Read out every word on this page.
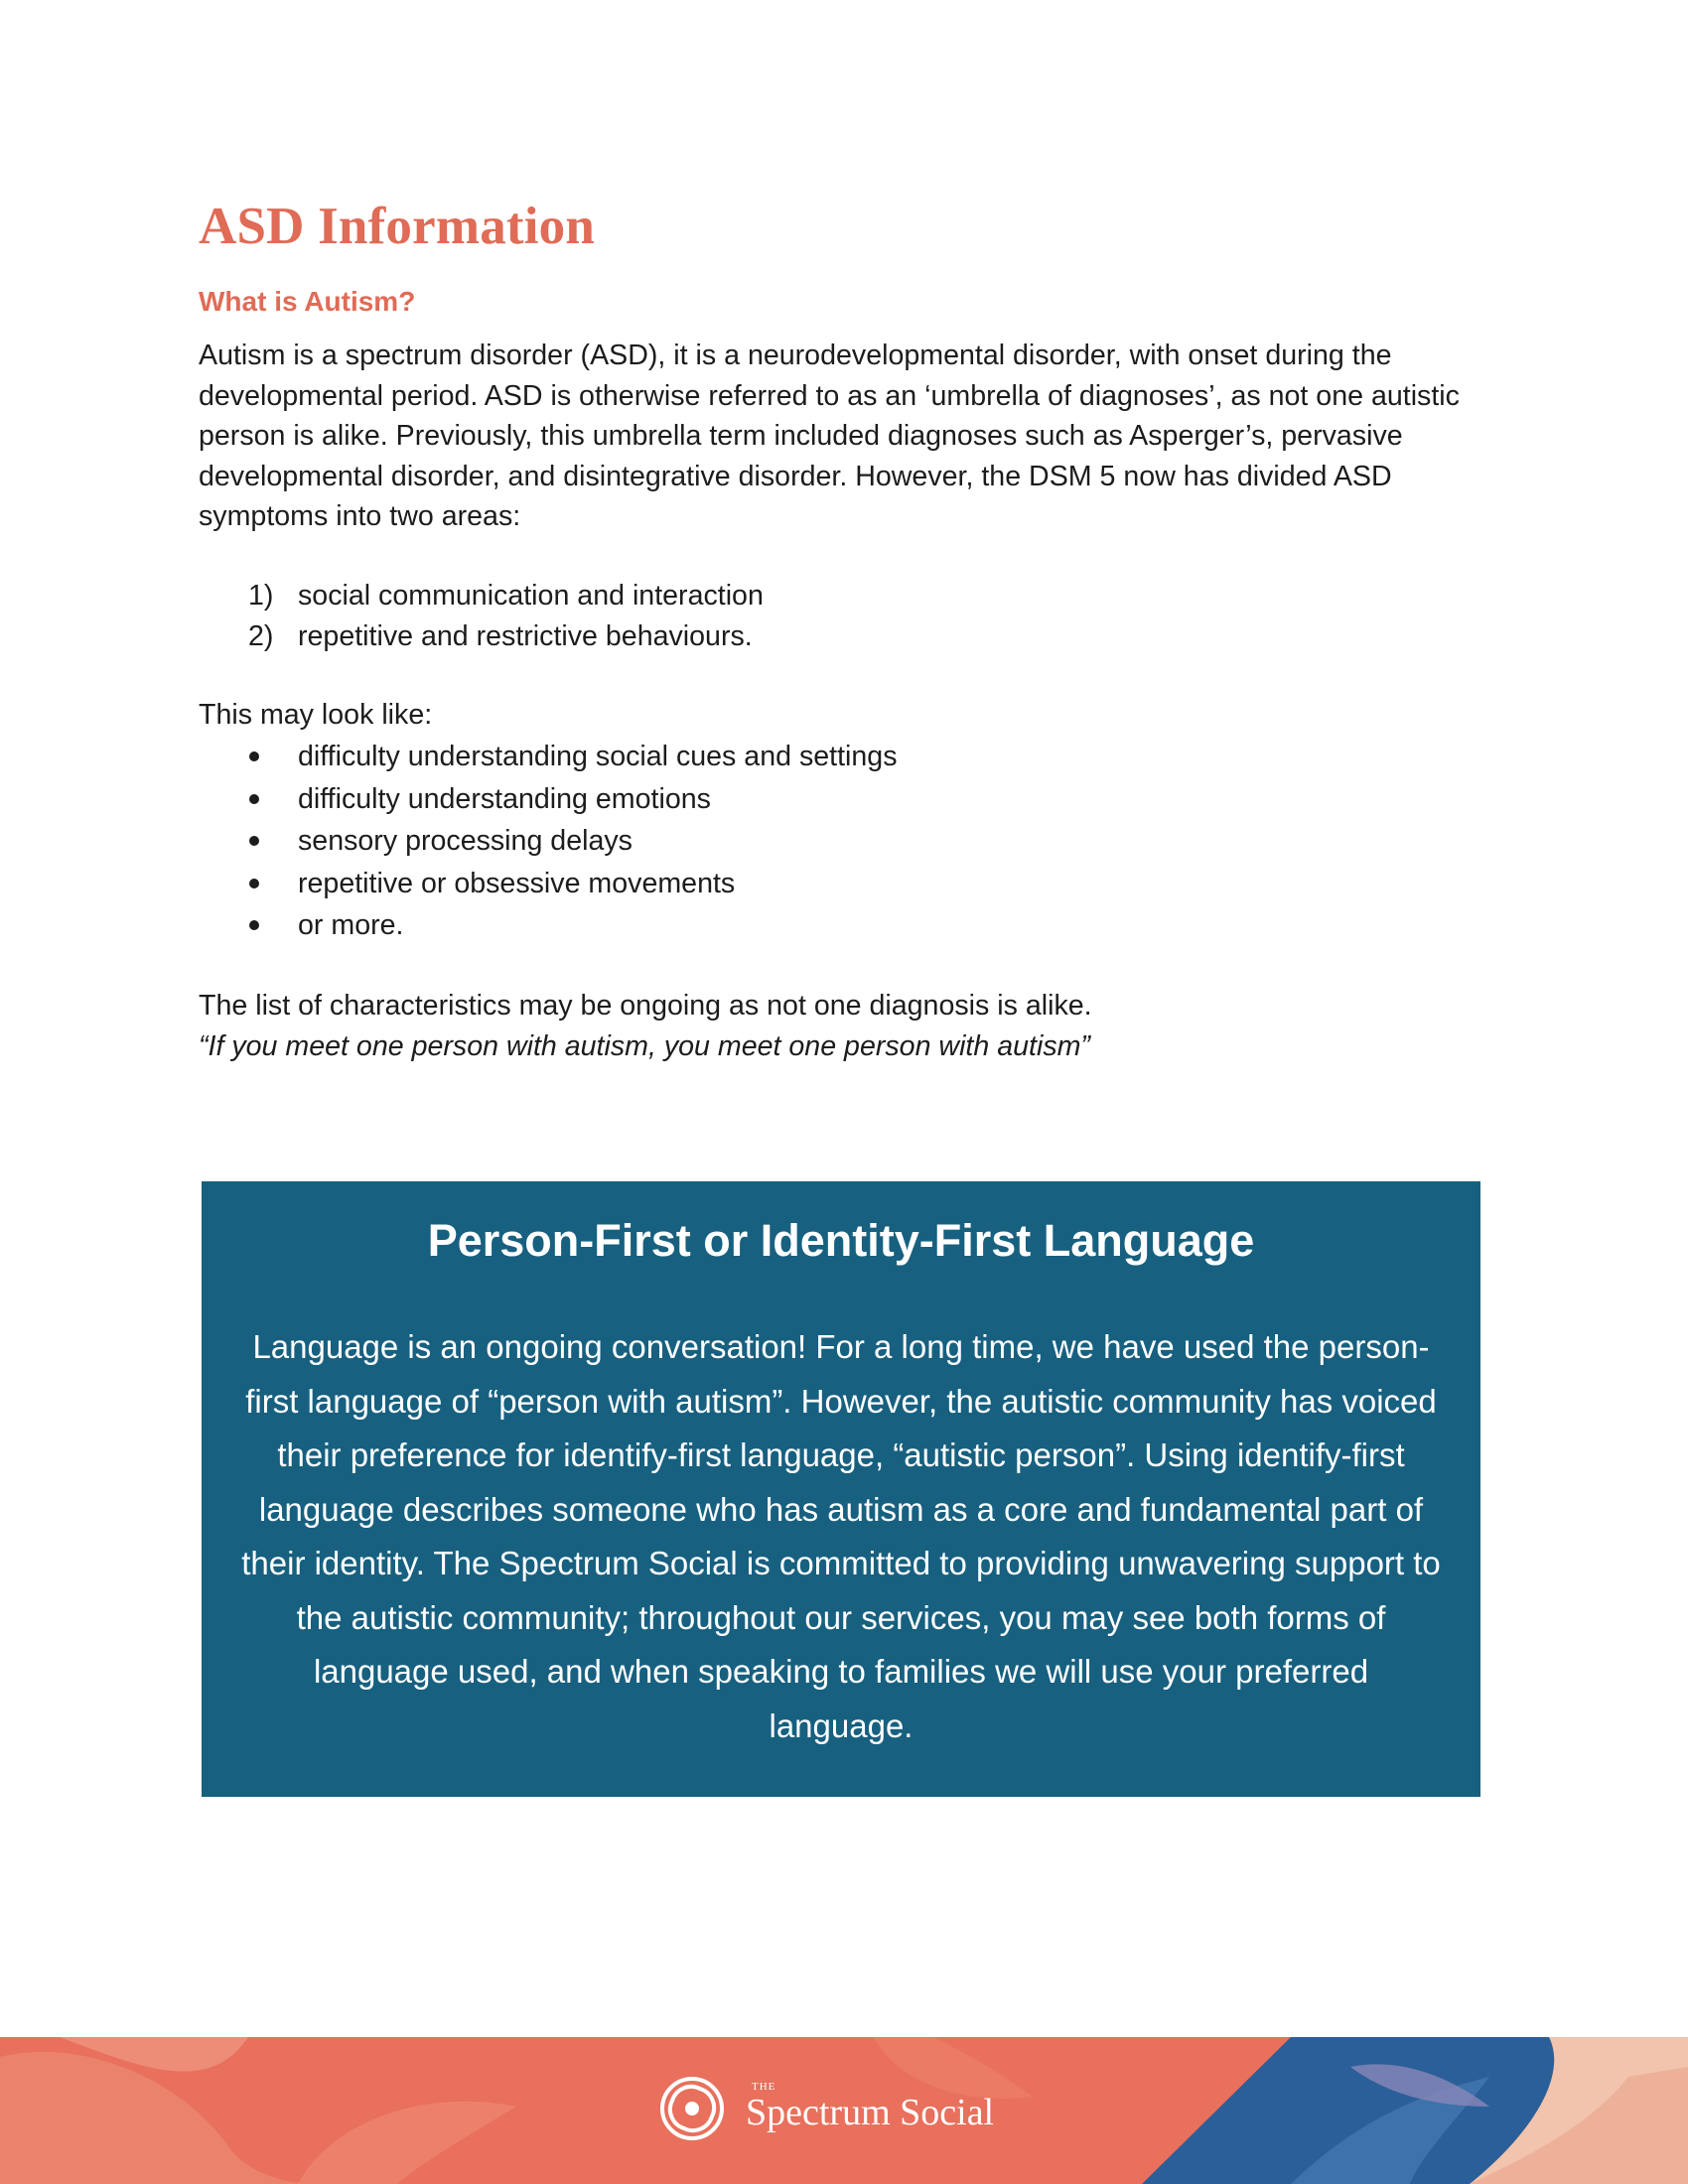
ASD Information
What is Autism?

Autism is a spectrum disorder (ASD), it is a neurodevelopmental disorder, with onset during the developmental period. ASD is otherwise referred to as an ‘umbrella of diagnoses’, as not one autistic person is alike. Previously, this umbrella term included diagnoses such as Asperger’s, pervasive developmental disorder, and disintegrative disorder. However, the DSM 5 now has divided ASD symptoms into two areas:

1) social communication and interaction
2) repetitive and restrictive behaviours.

This may look like:

difficulty understanding social cues and settings
difficulty understanding emotions
sensory processing delays
repetitive or obsessive movements
or more.

The list of characteristics may be ongoing as not one diagnosis is alike.

“If you meet one person with autism, you meet one person with autism”

Person-First or Identity-First Language

Language is an ongoing conversation! For a long time, we have used the person-first language of “person with autism”. However, the autistic community has voiced their preference for identify-first language, “autistic person”. Using identify-first language describes someone who has autism as a core and fundamental part of their identity. The Spectrum Social is committed to providing unwavering support to the autistic community; throughout our services, you may see both forms of language used, and when speaking to families we will use your preferred language.

THE
Spectrum Social
